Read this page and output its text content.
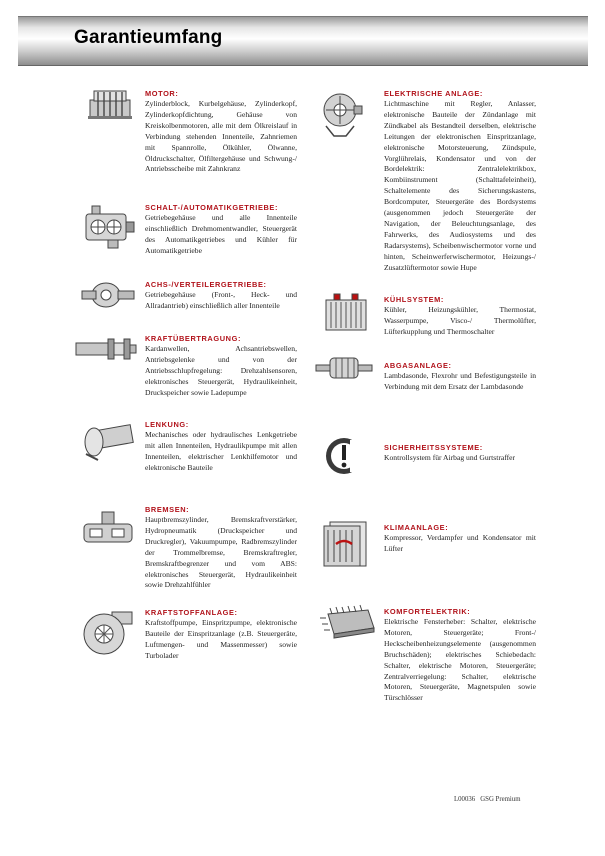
Garantieumfang
MOTOR:

Zylinderblock, Kurbelgehäuse, Zylinderkopf, Zylinderkopfdichtung, Gehäuse von Kreiskolbenmotoren, alle mit dem Ölkreislauf in Verbindung stehenden Innenteile, Zahnriemen mit Spannrolle, Ölkühler, Ölwanne, Öldruckschalter, Ölfiltergehäuse und Schwung-/ Antriebsscheibe mit Zahnkranz

SCHALT-/AUTOMATIKGETRIEBE:

Getriebegehäuse und alle Innenteile einschließlich Drehmomentwandler, Steuergerät des Automatikgetriebes und Kühler für Automatikgetriebe

ACHS-/VERTEILERGETRIEBE:

Getriebegehäuse (Front-, Heck- und Allradantrieb) einschließlich aller Innenteile

KRAFTÜBERTRAGUNG:

Kardanwellen, Achsantriebswellen, Antriebsgelenke und von der Antriebsschlupfregelung: Drehzahlsensoren, elektronisches Steuergerät, Hydraulikeinheit, Druckspeicher sowie Ladepumpe

LENKUNG:

Mechanisches oder hydraulisches Lenkgetriebe mit allen Innenteilen, Hydraulikpumpe mit allen Innenteilen, elektrischer Lenkhilfemotor und elektronische Bauteile

BREMSEN:

Hauptbremszylinder, Bremskraftverstärker, Hydropneumatik (Druckspeicher und Druckregler), Vakuumpumpe, Radbremszylinder der Trommelbremse, Bremskraftregler, Bremskraftbegrenzer und vom ABS: elektronisches Steuergerät, Hydraulikeinheit sowie Drehzahlfühler

KRAFTSTOFFANLAGE:

Kraftstoffpumpe, Einspritzpumpe, elektronische Bauteile der Einspritzanlage (z.B. Steuergeräte, Luftmengen- und Massenmesser) sowie Turbolader

ELEKTRISCHE ANLAGE:

Lichtmaschine mit Regler, Anlasser, elektronische Bauteile der Zündanlage mit Zündkabel als Bestandteil derselben, elektrische Leitungen der elektronischen Einspritzanlage, elektronische Motorsteuerung, Zündspule, Vorglührelais, Kondensator und von der Bordelektrik: Zentralelektrikbox, Kombiinstrument (Schalttafeleinheit), Schaltelemente des Sicherungskastens, Bordcomputer, Steuergeräte des Bordsystems (ausgenommen jedoch Steuergeräte der Navigation, der Beleuchtungsanlage, des Fahrwerks, des Audiosystems und des Radarsystems), Scheibenwischermotor vorne und hinten, Scheinwerferwischermotor, Heizungs-/ Zusatzlüftermotor sowie Hupe

KÜHLSYSTEM:

Kühler, Heizungskühler, Thermostat, Wasserpumpe, Visco-/ Thermolüfter, Lüfterkupplung und Thermoschalter

ABGASANLAGE:

Lambdasonde, Flexrohr und Befestigungsteile in Verbindung mit dem Ersatz der Lambdasonde

SICHERHEITSSYSTEME:

Kontrollsystem für Airbag und Gurtstraffer

KLIMAANLAGE:

Kompressor, Verdampfer und Kondensator mit Lüfter

KOMFORTELEKTRIK:

Elektrische Fensterheber: Schalter, elektrische Motoren, Steuergeräte; Front-/ Heckscheibenheizungselemente (ausgenommen Bruchschäden); elektrisches Schiebedach: Schalter, elektrische Motoren, Steuergeräte; Zentralverriegelung: Schalter, elektrische Motoren, Steuergeräte, Magnetspulen sowie Türschlösser

L00036 GSG Premium
